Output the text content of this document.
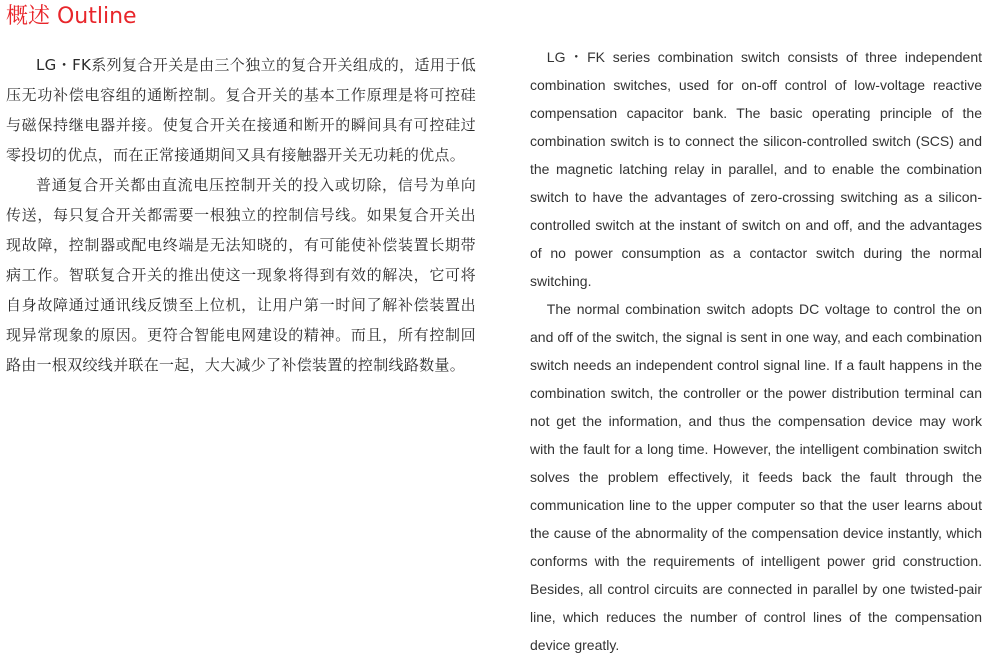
概述 Outline

LG・FK系列复合开关是由三个独立的复合开关组成的，适用于低压无功补偿电容组的通断控制。复合开关的基本工作原理是将可控硅与磁保持继电器并接。使复合开关在接通和断开的瞬间具有可控硅过零投切的优点，而在正常接通期间又具有接触器开关无功耗的优点。

普通复合开关都由直流电压控制开关的投入或切除，信号为单向传送，每只复合开关都需要一根独立的控制信号线。如果复合开关出现故障，控制器或配电终端是无法知晓的，有可能使补偿装置长期带病工作。智联复合开关的推出使这一现象将得到有效的解决，它可将自身故障通过通讯线反馈至上位机，让用户第一时间了解补偿装置出现异常现象的原因。更符合智能电网建设的精神。而且，所有控制回路由一根双绞线并联在一起，大大减少了补偿装置的控制线路数量。

LG・FK series combination switch consists of three independent combination switches, used for on-off control of low-voltage reactive compensation capacitor bank. The basic operating principle of the combination switch is to connect the silicon-controlled switch (SCS) and the magnetic latching relay in parallel, and to enable the combination switch to have the advantages of zero-crossing switching as a silicon-controlled switch at the instant of switch on and off, and the advantages of no power consumption as a contactor switch during the normal switching.

The normal combination switch adopts DC voltage to control the on and off of the switch, the signal is sent in one way, and each combination switch needs an independent control signal line. If a fault happens in the combination switch, the controller or the power distribution terminal can not get the information, and thus the compensation device may work with the fault for a long time. However, the intelligent combination switch solves the problem effectively, it feeds back the fault through the communication line to the upper computer so that the user learns about the cause of the abnormality of the compensation device instantly, which conforms with the requirements of intelligent power grid construction. Besides, all control circuits are connected in parallel by one twisted-pair line, which reduces the number of control lines of the compensation device greatly.
